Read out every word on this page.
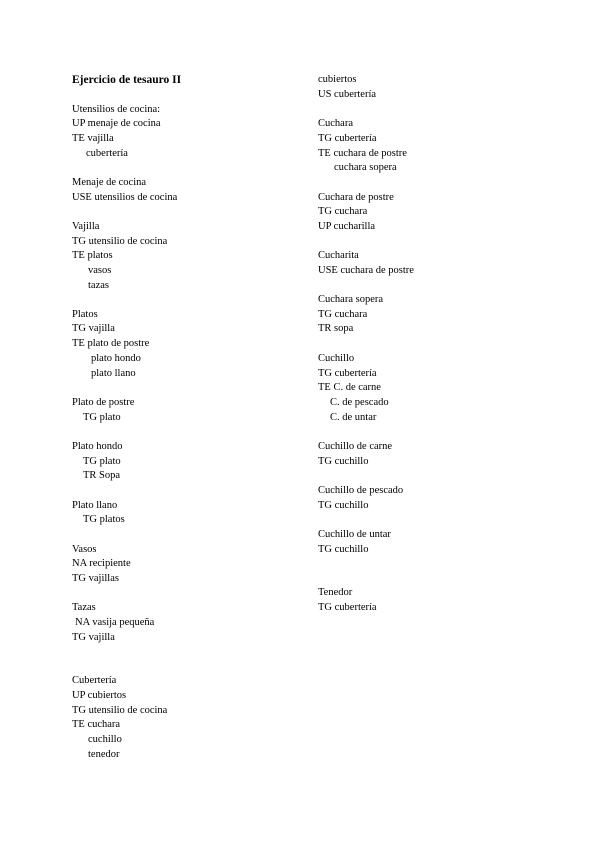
Ejercicio de tesauro II
Utensilios de cocina:
UP menaje de cocina
TE vajilla
cubertería
Menaje de cocina
USE utensilios de cocina
Vajilla
TG utensilio de cocina
TE platos
vasos
tazas
Platos
TG vajilla
TE plato de postre
plato hondo
plato llano
Plato de postre
TG plato
Plato hondo
TG plato
TR Sopa
Plato llano
TG platos
Vasos
NA recipiente
TG vajillas
Tazas
NA vasija pequeña
TG vajilla
Cubertería
UP cubiertos
TG utensilio de cocina
TE cuchara
cuchillo
tenedor
cubiertos
US cubertería
Cuchara
TG cubertería
TE cuchara de postre
cuchara sopera
Cuchara de postre
TG cuchara
UP cucharilla
Cucharita
USE cuchara de postre
Cuchara sopera
TG cuchara
TR sopa
Cuchillo
TG cubertería
TE C. de carne
C. de pescado
C. de untar
Cuchillo de carne
TG cuchillo
Cuchillo de pescado
TG cuchillo
Cuchillo de untar
TG cuchillo
Tenedor
TG cubertería
